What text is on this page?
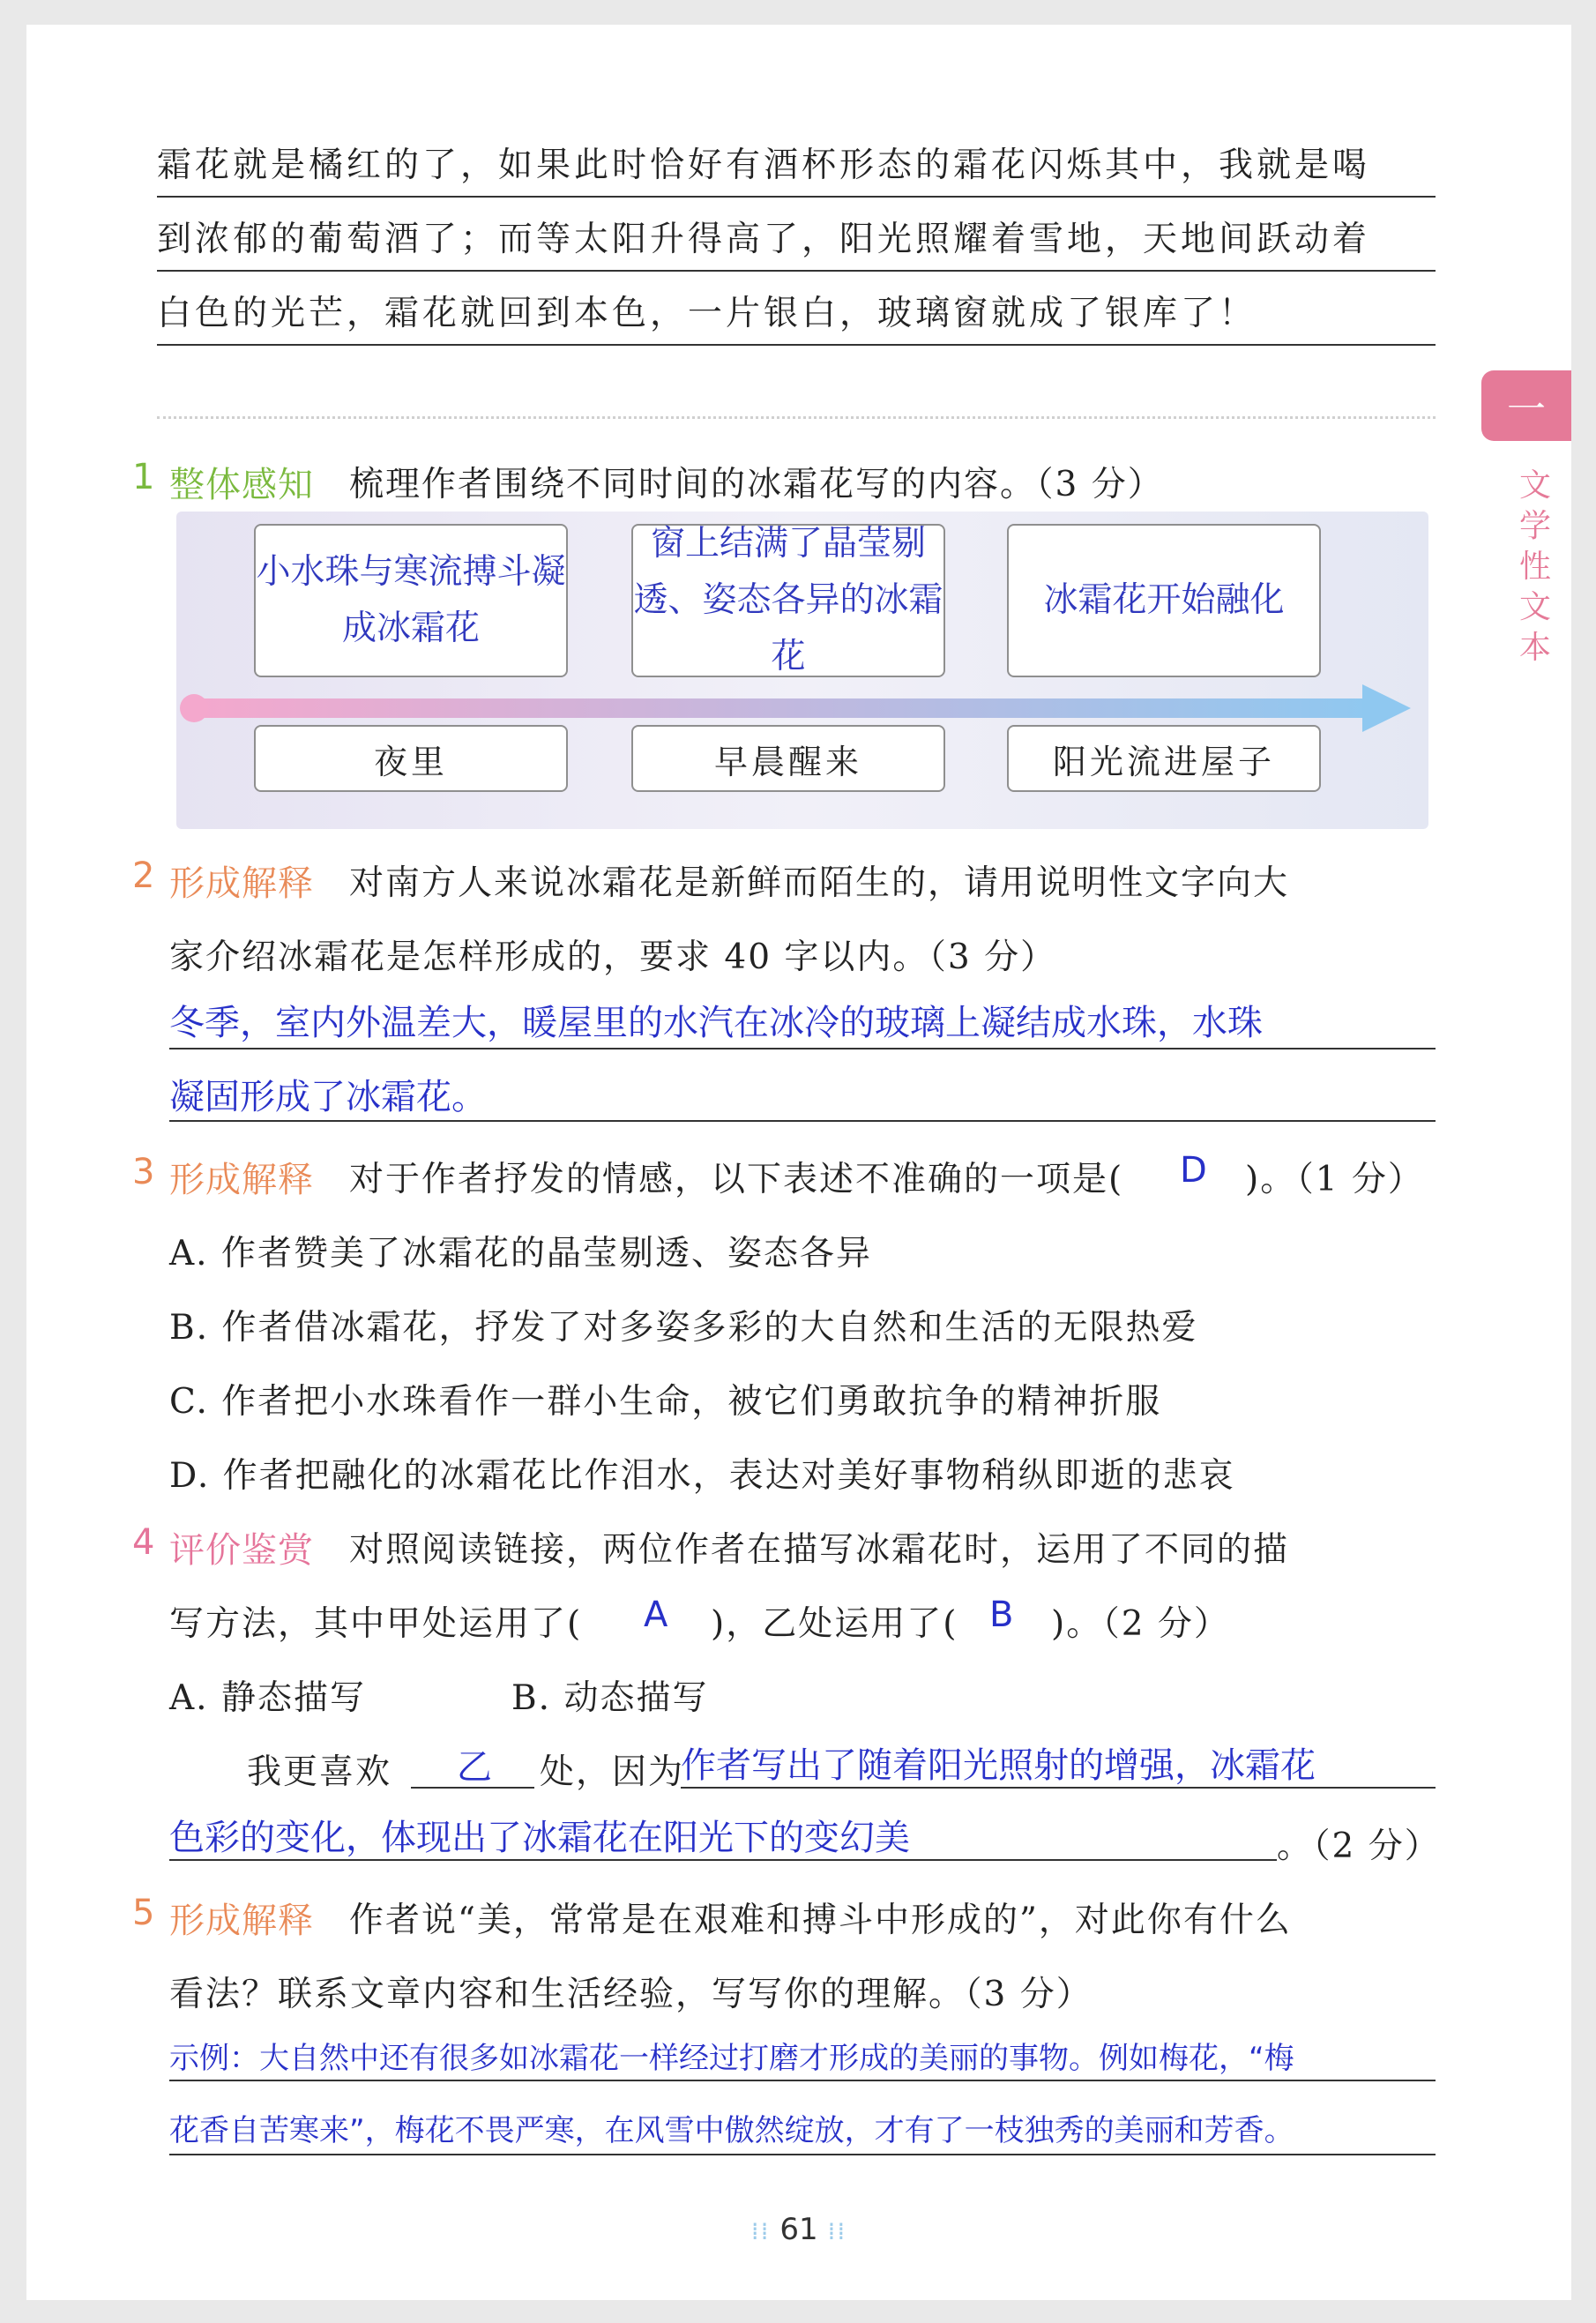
霜花就是橘红的了，如果此时恰好有酒杯形态的霜花闪烁其中，我就是喝
到浓郁的葡萄酒了；而等太阳升得高了，阳光照耀着雪地，天地间跃动着
白色的光芒，霜花就回到本色，一片银白，玻璃窗就成了银库了！
一
文学性文本
1 整体感知 梳理作者围绕不同时间的冰霜花写的内容。（3 分）
小水珠与寒流搏斗凝成冰霜花
窗上结满了晶莹剔透、姿态各异的冰霜花
冰霜花开始融化
夜里	早晨醒来	阳光流进屋子
2 形成解释 对南方人来说冰霜花是新鲜而陌生的，请用说明性文字向大
家介绍冰霜花是怎样形成的，要求 40 字以内。（3 分）
冬季，室内外温差大，暖屋里的水汽在冰冷的玻璃上凝结成水珠，水珠
凝固形成了冰霜花。
3 形成解释 对于作者抒发的情感，以下表述不准确的一项是( D )。（1 分）
A. 作者赞美了冰霜花的晶莹剔透、姿态各异
B. 作者借冰霜花，抒发了对多姿多彩的大自然和生活的无限热爱
C. 作者把小水珠看作一群小生命，被它们勇敢抗争的精神折服
D. 作者把融化的冰霜花比作泪水，表达对美好事物稍纵即逝的悲哀
4 评价鉴赏 对照阅读链接，两位作者在描写冰霜花时，运用了不同的描
写方法，其中甲处运用了( A )，乙处运用了( B )。（2 分）
A. 静态描写	B. 动态描写
我更喜欢 乙 处，因为
作者写出了随着阳光照射的增强，冰霜花
色彩的变化，体现出了冰霜花在阳光下的变幻美	。（2 分）
5 形成解释 作者说“美，常常是在艰难和搏斗中形成的”，对此你有什么
看法？联系文章内容和生活经验，写写你的理解。（3 分）
示例：大自然中还有很多如冰霜花一样经过打磨才形成的美丽的事物。例如梅花，“梅
花香自苦寒来”，梅花不畏严寒，在风雪中傲然绽放，才有了一枝独秀的美丽和芳香。
⁞⁞ 61 ⁞⁞
